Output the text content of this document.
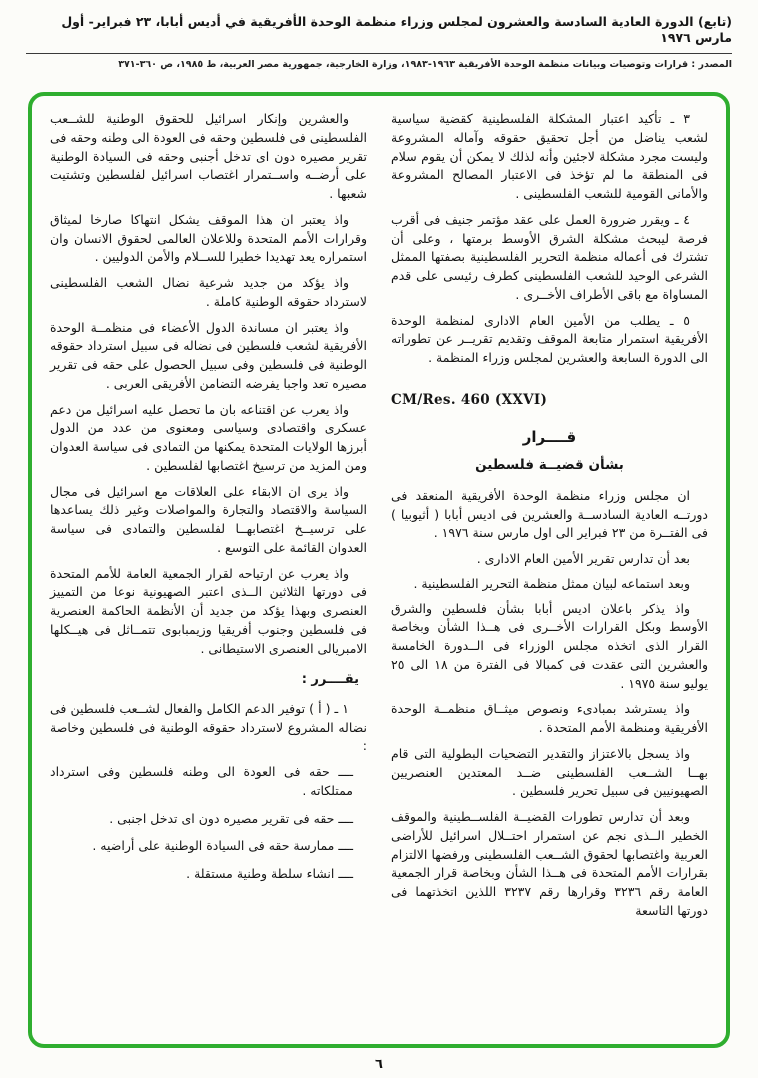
(تابع) الدورة العادية السادسة والعشرون لمجلس وزراء منظمة الوحدة الأفريقية في أديس أبابا، ٢٣ فبراير- أول مارس ١٩٧٦
المصدر : قرارات وتوصيات وبيانات منظمة الوحدة الأفريقية ١٩٦٣-١٩٨٣، وزارة الخارجية، جمهورية مصر العربية، ط ١٩٨٥، ص ٣٦٠-٣٧١

٣ ـ تأكيد اعتبار المشكلة الفلسطينية كقضية سياسية لشعب يناضل من أجل تحقيق حقوقه وآماله المشروعة وليست مجرد مشكلة لاجئين وأنه لذلك لا يمكن أن يقوم سلام فى المنطقة ما لم تؤخذ فى الاعتبار المصالح المشروعة والأمانى القومية للشعب الفلسطينى .

٤ ـ ويقرر ضرورة العمل على عقد مؤتمر جنيف فى أقرب فرصة ليبحث مشكلة الشرق الأوسط برمتها ، وعلى أن تشترك فى أعماله منظمة التحرير الفلسطينية بصفتها الممثل الشرعى الوحيد للشعب الفلسطينى كطرف رئيسى على قدم المساواة مع باقى الأطراف الأخــرى .

٥ ـ يطلب من الأمين العام الادارى لمنظمة الوحدة الأفريقية استمرار متابعة الموقف وتقديم تقريــر عن تطوراته الى الدورة السابعة والعشرين لمجلس وزراء المنظمة .

CM/Res. 460 (XXVI)

قــــرار

بشأن قضيــة فلسطين

ان مجلس وزراء منظمة الوحدة الأفريقية المنعقد فى دورتــه العادية السادســة والعشرين فى اديس أبابا ( أثيوبيا ) فى الفتــرة من ٢٣ فبراير الى اول مارس سنة ١٩٧٦ .

بعد أن تدارس تقرير الأمين العام الادارى .

وبعد استماعه لبيان ممثل منظمة التحرير الفلسطينية .

واذ يذكر باعلان اديس أبابا بشأن فلسطين والشرق الأوسط وبكل القرارات الأخــرى فى هــذا الشأن وبخاصة القرار الذى اتخذه مجلس الوزراء فى الــدورة الخامسة والعشرين التى عقدت فى كمبالا فى الفترة من ١٨ الى ٢٥ يوليو سنة ١٩٧٥ .

واذ يسترشد بمبادىء ونصوص ميثــاق منظمــة الوحدة الأفريقية ومنظمة الأمم المتحدة .

واذ يسجل بالاعتزاز والتقدير التضحيات البطولية التى قام بهــا الشــعب الفلسطينى ضــد المعتدين العنصريين الصهيونيين فى سبيل تحرير فلسطين .

وبعد أن تدارس تطورات القضيــة الفلســطينية والموقف الخطير الــذى نجم عن استمرار احتــلال اسرائيل للأراضى العربية واغتصابها لحقوق الشــعب الفلسطينى ورفضها الالتزام بقرارات الأمم المتحدة فى هــذا الشأن وبخاصة قرار الجمعية العامة رقم ٣٢٣٦ وقرارها رقم ٣٢٣٧ اللذين اتخذتهما فى دورتها التاسعة

والعشرين وإنكار اسرائيل للحقوق الوطنية للشــعب الفلسطينى فى فلسطين وحقه فى العودة الى وطنه وحقه فى تقرير مصيره دون اى تدخل أجنبى وحقه فى السيادة الوطنية على أرضــه واســتمرار اغتصاب اسرائيل لفلسطين وتشتيت شعبها .

واذ يعتبر ان هذا الموقف يشكل انتهاكا صارخا لميثاق وقرارات الأمم المتحدة وللاعلان العالمى لحقوق الانسان وان استمراره يعد تهديدا خطيرا للســلام والأمن الدوليين .

واذ يؤكد من جديد شرعية نضال الشعب الفلسطينى لاسترداد حقوقه الوطنية كاملة .

واذ يعتبر ان مساندة الدول الأعضاء فى منظمــة الوحدة الأفريقية لشعب فلسطين فى نضاله فى سبيل استرداد حقوقه الوطنية فى فلسطين وفى سبيل الحصول على حقه فى تقرير مصيره تعد واجبا يفرضه التضامن الأفريقى العربى .

واذ يعرب عن اقتناعه بان ما تحصل عليه اسرائيل من دعم عسكرى واقتصادى وسياسى ومعنوى من عدد من الدول أبرزها الولايات المتحدة يمكنها من التمادى فى سياسة العدوان ومن المزيد من ترسيخ اغتصابها لفلسطين .

واذ يرى ان الابقاء على العلاقات مع اسرائيل فى مجال السياسة والاقتصاد والتجارة والمواصلات وغير ذلك يساعدها على ترسيــخ اغتصابهــا لفلسطين والتمادى فى سياسة العدوان القائمة على التوسع .

واذ يعرب عن ارتياحه لقرار الجمعية العامة للأمم المتحدة فى دورتها الثلاثين الــذى اعتبر الصهيونية نوعا من التمييز العنصرى وبهذا يؤكد من جديد أن الأنظمة الحاكمة العنصرية فى فلسطين وجنوب أفريقيا وزيمبابوى تتمــاثل فى هيــكلها الامبريالى العنصرى الاستيطانى .

يقــــرر :

١ ـ ( أ ) توفير الدعم الكامل والفعال لشــعب فلسطين فى نضاله المشروع لاسترداد حقوقه الوطنية فى فلسطين وخاصة :

ــــ حقه فى العودة الى وطنه فلسطين وفى استرداد ممتلكاته .

ــــ حقه فى تقرير مصيره دون اى تدخل اجنبى .

ــــ ممارسة حقه فى السيادة الوطنية على أراضيه .

ــــ انشاء سلطة وطنية مستقلة .

٦
